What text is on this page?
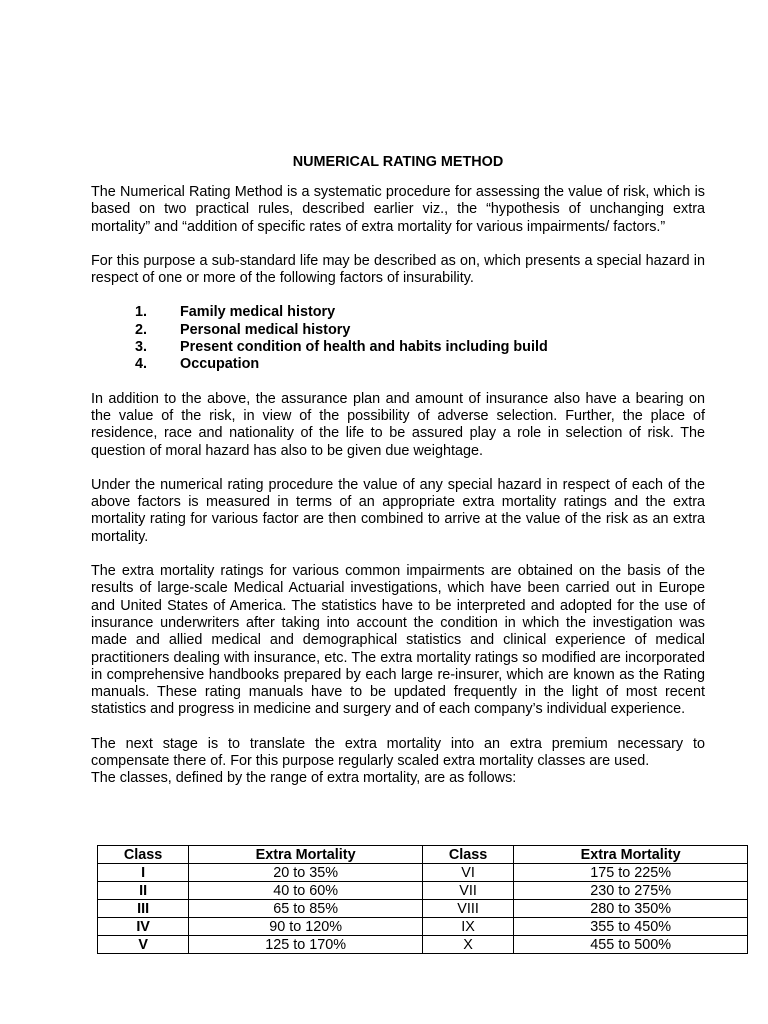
NUMERICAL RATING METHOD

The Numerical Rating Method is a systematic procedure for assessing the value of risk, which is based on two practical rules, described earlier viz., the “hypothesis of unchanging extra mortality” and “addition of specific rates of extra mortality for various impairments/ factors.”

For this purpose a sub-standard life may be described as on, which presents a special hazard in respect of one or more of the following factors of insurability.

1.	Family medical history
2.	Personal medical history
3.	Present condition of health and habits including build
4.	Occupation

In addition to the above, the assurance plan and amount of insurance also have a bearing on the value of the risk, in view of the possibility of adverse selection. Further, the place of residence, race and nationality of the life to be assured play a role in selection of risk. The question of moral hazard has also to be given due weightage.

Under the numerical rating procedure the value of any special hazard in respect of each of the above factors is measured in terms of an appropriate extra mortality ratings and the extra mortality rating for various factor are then combined to arrive at the value of the risk as an extra mortality.

The extra mortality ratings for various common impairments are obtained on the basis of the results of large-scale Medical Actuarial investigations, which have been carried out in Europe and United States of America. The statistics have to be interpreted and adopted for the use of insurance underwriters after taking into account the condition in which the investigation was made and allied medical and demographical statistics and clinical experience of medical practitioners dealing with insurance, etc. The extra mortality ratings so modified are incorporated in comprehensive handbooks prepared by each large re-insurer, which are known as the Rating manuals. These rating manuals have to be updated frequently in the light of most recent statistics and progress in medicine and surgery and of each company’s individual experience.

The next stage is to translate the extra mortality into an extra premium necessary to compensate there of. For this purpose regularly scaled extra mortality classes are used.

The classes, defined by the range of extra mortality, are as follows:

Class	Extra Mortality	Class	Extra Mortality
I	20 to 35%	VI	175 to 225%
II	40 to 60%	VII	230 to 275%
III	65 to 85%	VIII	280 to 350%
IV	90 to 120%	IX	355 to 450%
V	125 to 170%	X	455 to 500%
